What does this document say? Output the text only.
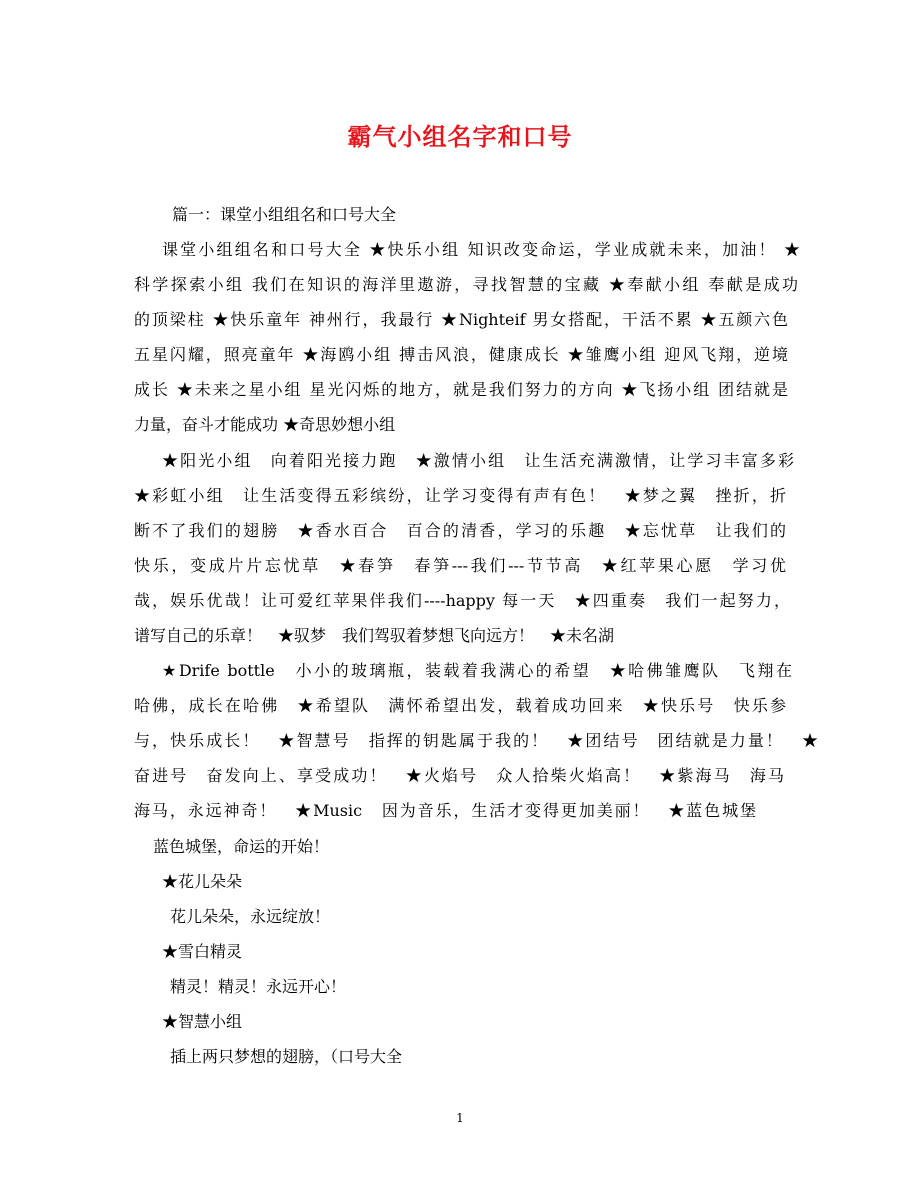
霸气小组名字和口号
篇一：课堂小组组名和口号大全
课堂小组组名和口号大全 ★快乐小组 知识改变命运，学业成就未来，加油！ ★
科学探索小组 我们在知识的海洋里遨游，寻找智慧的宝藏 ★奉献小组 奉献是成功
的顶梁柱 ★快乐童年 神州行，我最行 ★Nighteif 男女搭配，干活不累 ★五颜六色
五星闪耀，照亮童年 ★海鸥小组 搏击风浪，健康成长 ★雏鹰小组 迎风飞翔，逆境
成长 ★未来之星小组 星光闪烁的地方，就是我们努力的方向 ★飞扬小组 团结就是
力量，奋斗才能成功 ★奇思妙想小组
★阳光小组　向着阳光接力跑　★激情小组　让生活充满激情，让学习丰富多彩
★彩虹小组　让生活变得五彩缤纷，让学习变得有声有色！　★梦之翼　挫折，折
断不了我们的翅膀　★香水百合　百合的清香，学习的乐趣　★忘忧草　让我们的
快乐，变成片片忘忧草　★春笋　春笋---我们---节节高　★红苹果心愿　学习优
哉，娱乐优哉！让可爱红苹果伴我们----happy 每一天　★四重奏　我们一起努力，
谱写自己的乐章！　★驭梦　我们驾驭着梦想飞向远方！　★未名湖
★Drife bottle　小小的玻璃瓶，装载着我满心的希望　★哈佛雏鹰队　飞翔在
哈佛，成长在哈佛　★希望队　满怀希望出发，载着成功回来　★快乐号　快乐参
与，快乐成长！　★智慧号　指挥的钥匙属于我的！　★团结号　团结就是力量！　★
奋进号　奋发向上、享受成功！　★火焰号　众人拾柴火焰高！　★紫海马　海马
海马，永远神奇！　★Music　因为音乐，生活才变得更加美丽！　★蓝色城堡
蓝色城堡，命运的开始！
★花儿朵朵
花儿朵朵，永远绽放！
★雪白精灵
精灵！精灵！永远开心！
★智慧小组
插上两只梦想的翅膀，（口号大全
1
